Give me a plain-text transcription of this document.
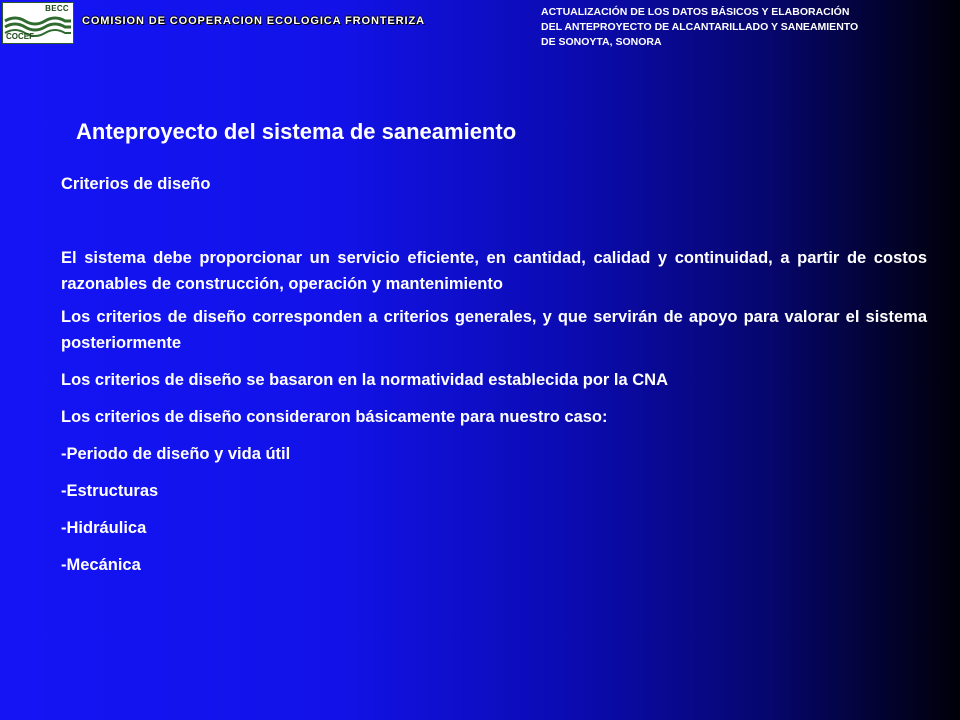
BECC
COCEF
COMISION DE COOPERACION ECOLOGICA FRONTERIZA
ACTUALIZACIÓN DE LOS DATOS BÁSICOS Y ELABORACIÓN
DEL ANTEPROYECTO DE ALCANTARILLADO Y SANEAMIENTO
DE SONOYTA, SONORA
Anteproyecto del sistema de saneamiento
Criterios de diseño

El sistema debe proporcionar un servicio eficiente, en cantidad, calidad y continuidad, a partir de costos razonables de construcción, operación y mantenimiento

Los criterios de diseño corresponden a criterios generales, y que servirán de apoyo para valorar el sistema posteriormente

Los criterios de diseño se basaron en la normatividad establecida por la CNA

Los criterios de diseño consideraron básicamente para nuestro caso:

-Periodo de diseño y vida útil

-Estructuras

-Hidráulica

-Mecánica
